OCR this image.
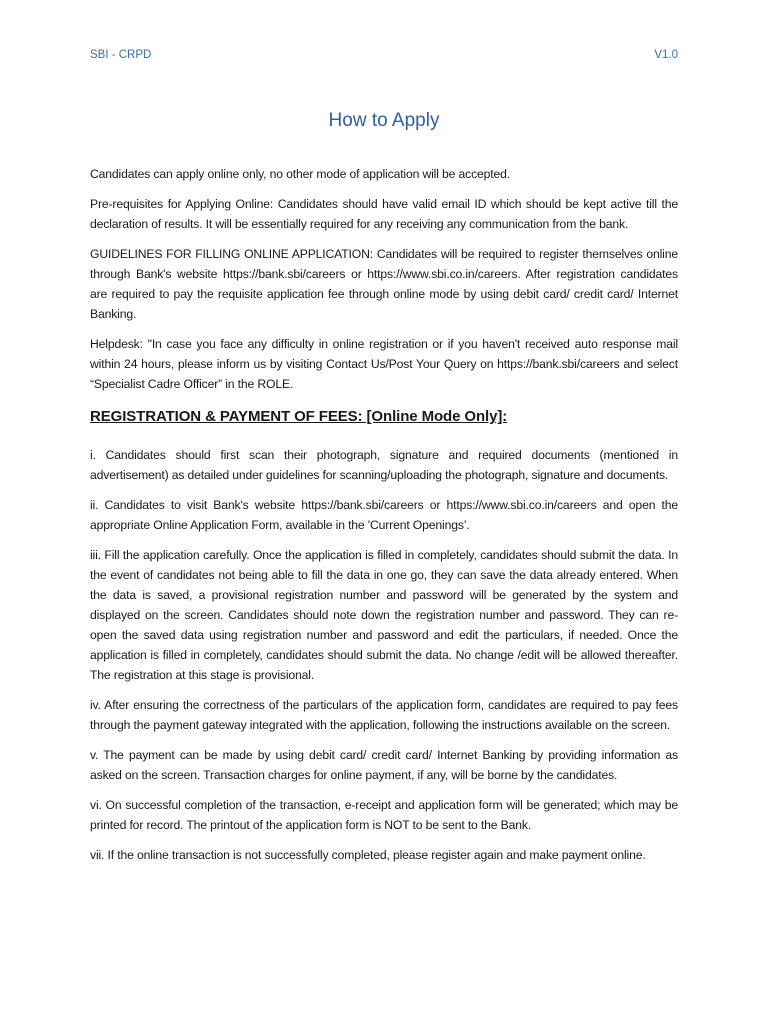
SBI - CRPD	V1.0
How to Apply

Candidates can apply online only, no other mode of application will be accepted.

Pre-requisites for Applying Online: Candidates should have valid email ID which should be kept active till the declaration of results. It will be essentially required for any receiving any communication from the bank.

GUIDELINES FOR FILLING ONLINE APPLICATION: Candidates will be required to register themselves online through Bank's website https://bank.sbi/careers or https://www.sbi.co.in/careers. After registration candidates are required to pay the requisite application fee through online mode by using debit card/ credit card/ Internet Banking.

Helpdesk: "In case you face any difficulty in online registration or if you haven't received auto response mail within 24 hours, please inform us by visiting Contact Us/Post Your Query on https://bank.sbi/careers and select “Specialist Cadre Officer” in the ROLE.

REGISTRATION & PAYMENT OF FEES: [Online Mode Only]:

i. Candidates should first scan their photograph, signature and required documents (mentioned in advertisement) as detailed under guidelines for scanning/uploading the photograph, signature and documents.

ii. Candidates to visit Bank's website https://bank.sbi/careers or https://www.sbi.co.in/careers and open the appropriate Online Application Form, available in the 'Current Openings’.

iii. Fill the application carefully. Once the application is filled in completely, candidates should submit the data. In the event of candidates not being able to fill the data in one go, they can save the data already entered. When the data is saved, a provisional registration number and password will be generated by the system and displayed on the screen. Candidates should note down the registration number and password. They can re-open the saved data using registration number and password and edit the particulars, if needed. Once the application is filled in completely, candidates should submit the data. No change /edit will be allowed thereafter. The registration at this stage is provisional.

iv. After ensuring the correctness of the particulars of the application form, candidates are required to pay fees through the payment gateway integrated with the application, following the instructions available on the screen.

v. The payment can be made by using debit card/ credit card/ Internet Banking by providing information as asked on the screen. Transaction charges for online payment, if any, will be borne by the candidates.

vi. On successful completion of the transaction, e-receipt and application form will be generated; which may be printed for record. The printout of the application form is NOT to be sent to the Bank.

vii. If the online transaction is not successfully completed, please register again and make payment online.
